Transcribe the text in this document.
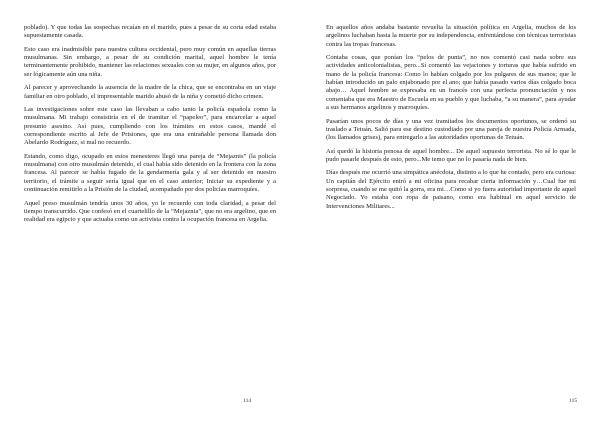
poblado). Y que todas las sospechas recaían en el marido, pues a pesar de su corta edad estaba supuestamente casada.

Esto caso era inadmisible para nuestra cultura occidental, pero muy común en aquellas tierras musulmanas. Sin embargo, a pesar de su condición marital, aquel hombre le tenía terminantemente prohibido, mantener las relaciones sexuales con su mujer, en algunos años, por ser lógicamente aún una niña.

Al parecer y aprovechando la ausencia de la madre de la chica, que se encontraba en un viaje familiar en otro poblado, el impresentable marido abusó de la niña y cometió dicho crimen.

Las investigaciones sobre este caso las llevaban a cabo tanto la policía española como la musulmana. Mi trabajo consistiría en el de tramitar el “papeleo”, para encarcelar a aquel presunto asesino. Así pues, cumpliendo con los trámites en estos casos, mandé el correspondiente escrito al Jefe de Prisiones, que era una entrañable persona llamada don Abelardo Rodríguez, si mal no recuerdo.

Estando, como digo, ocupado en estos menesteres llegó una pareja de “Mejaznis” (la policía musulmana) con otro musulmán detenido, el cual había sido detenido en la frontera con la zona francesa. Al parecer se había fugado de la gendarmería gala y al ser detenido en nuestro territorio, el trámite a seguir sería igual que en el caso anterior; Iniciar su expediente y a continuación remitirlo a la Prisión de la ciudad, acompañado por dos policías marroquíes.

Aquel preso musulmán tendría unos 30 años, yo le recuerdo con toda claridad, a pesar del tiempo transcurrido. Que confesó en el cuartelillo de la “Mejaznia”, que no era argelino, que en realidad era egipcio y que actuaba como un activista contra la ocupación francesa en Argelia.

114

En aquellos años andaba bastante revuelta la situación política en Argelia, muchos de los argelinos luchaban hasta la muerte por su independencia, enfrentándose con técnicas terroristas contra las tropas francesas.

Contaba cosas, que ponían los “pelos de punta”, no nos comentó casi nada sobre sus actividades anticolonialistas, pero...Sí comentó las vejaciones y torturas que había sufrido en mano de la policía francesa: Como lo habían colgado por los pulgares de sus manos; que le habían introducido un palo enjabonado por el ano; que había pasado varios días colgado boca abajo… Aquel hombre se expresaba en un francés con una perfecta pronunciación y nos comentaba que era Maestro de Escuela en su pueblo y que luchaba, “a su manera”, para ayudar a sus hermanos argelinos y marroquíes.

Pasarían unos pocos de días y una vez tramitados los documentos oportunos, se ordenó su traslado a Tetuán. Salió para ese destino custodiado por una pareja de nuestra Policía Armada, (los llamados grises), para entregarlo a las autoridades oportunas de Tetuán.

Así quedó la historia penosa de aquel hombre... De aquel supuesto terrorista. No sé lo que le pudo pasarle después de esto, pero...Me temo que no lo pasaría nada de bien.

Días después me ocurrió una simpática anécdota, distinto a lo que he contado, pero era curiosa: Un capitán del Ejército entró a mi oficina para recabar cierta información y…Cual fue mi sorpresa, cuando se me quitó la gorra, era mi…Como si yo fuera autoridad importante de aquel Negociado. Yo estaba con ropa de paisano, como era habitual en aquel servicio de Intervenciones Militares...

115
